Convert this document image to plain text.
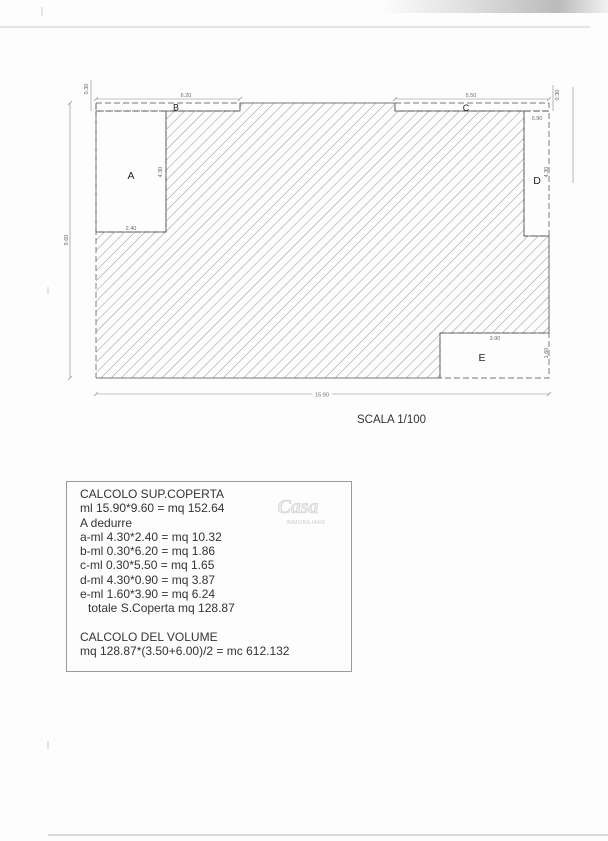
Casa
IMMOBILIARE
A
B	C
D
E
0.30
6.20	5.50	0.30
9.60
15.90
4.30
2.40
0.90
4.30
3.90
1.60
SCALA 1/100
CALCOLO SUP.COPERTA
ml 15.90*9.60 = mq 152.64
A dedurre
a-ml 4.30*2.40 = mq 10.32
b-ml 0.30*6.20 = mq 1.86
c-ml 0.30*5.50 = mq 1.65
d-ml 4.30*0.90 = mq 3.87
e-ml 1.60*3.90 = mq 6.24
totale S.Coperta mq 128.87
CALCOLO DEL VOLUME
mq 128.87*(3.50+6.00)/2 = mc 612.132
